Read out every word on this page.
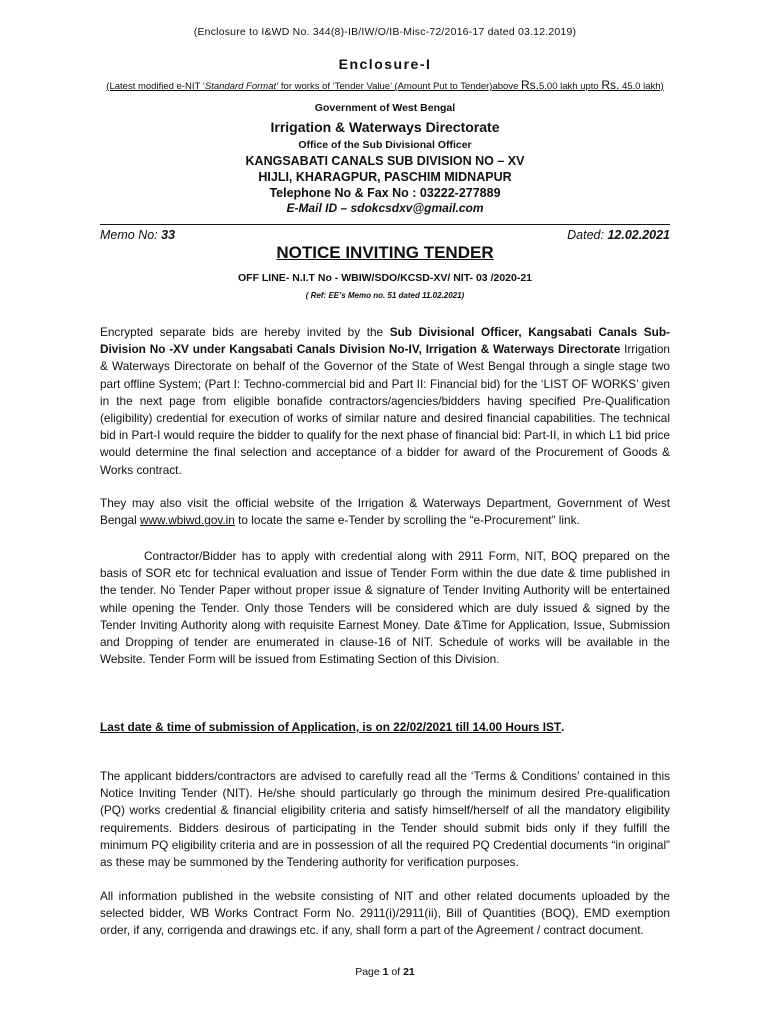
(Enclosure to I&WD No. 344(8)-IB/IW/O/IB-Misc-72/2016-17 dated 03.12.2019)
Enclosure-I
(Latest modified e-NIT ‘Standard Format’ for works of ‘Tender Value’ (Amount Put to Tender)above Rs.5.00 lakh upto Rs. 45.0 lakh)
Government of West Bengal
Irrigation & Waterways Directorate
Office of the Sub Divisional Officer
KANGSABATI CANALS SUB DIVISION NO – XV
HIJLI, KHARAGPUR, PASCHIM MIDNAPUR
Telephone No & Fax No : 03222-277889
E-Mail ID – sdokcsdxv@gmail.com
Memo No: 33	Dated: 12.02.2021
NOTICE INVITING TENDER
OFF LINE- N.I.T No - WBIW/SDO/KCSD-XV/ NIT- 03 /2020-21
( Ref: EE’s Memo no. 51 dated 11.02.2021)
Encrypted separate bids are hereby invited by the Sub Divisional Officer, Kangsabati Canals Sub-Division No -XV under Kangsabati Canals Division No-IV, Irrigation & Waterways Directorate Irrigation & Waterways Directorate on behalf of the Governor of the State of West Bengal through a single stage two part offline System; (Part I: Techno-commercial bid and Part II: Financial bid) for the ‘LIST OF WORKS’ given in the next page from eligible bonafide contractors/agencies/bidders having specified Pre-Qualification (eligibility) credential for execution of works of similar nature and desired financial capabilities. The technical bid in Part-I would require the bidder to qualify for the next phase of financial bid: Part-II, in which L1 bid price would determine the final selection and acceptance of a bidder for award of the Procurement of Goods & Works contract.
They may also visit the official website of the Irrigation & Waterways Department, Government of West Bengal www.wbiwd.gov.in to locate the same e-Tender by scrolling the “e-Procurement” link.
Contractor/Bidder has to apply with credential along with 2911 Form, NIT, BOQ prepared on the basis of SOR etc for technical evaluation and issue of Tender Form within the due date & time published in the tender. No Tender Paper without proper issue & signature of Tender Inviting Authority will be entertained while opening the Tender. Only those Tenders will be considered which are duly issued & signed by the Tender Inviting Authority along with requisite Earnest Money. Date &Time for Application, Issue, Submission and Dropping of tender are enumerated in clause-16 of NIT. Schedule of works will be available in the Website. Tender Form will be issued from Estimating Section of this Division.
Last date & time of submission of Application, is on 22/02/2021 till 14.00 Hours IST.
The applicant bidders/contractors are advised to carefully read all the ‘Terms & Conditions’ contained in this Notice Inviting Tender (NIT). He/she should particularly go through the minimum desired Pre-qualification (PQ) works credential & financial eligibility criteria and satisfy himself/herself of all the mandatory eligibility requirements. Bidders desirous of participating in the Tender should submit bids only if they fulfill the minimum PQ eligibility criteria and are in possession of all the required PQ Credential documents “in original” as these may be summoned by the Tendering authority for verification purposes.
All information published in the website consisting of NIT and other related documents uploaded by the selected bidder, WB Works Contract Form No. 2911(i)/2911(ii), Bill of Quantities (BOQ), EMD exemption order, if any, corrigenda and drawings etc. if any, shall form a part of the Agreement / contract document.
Page 1 of 21
